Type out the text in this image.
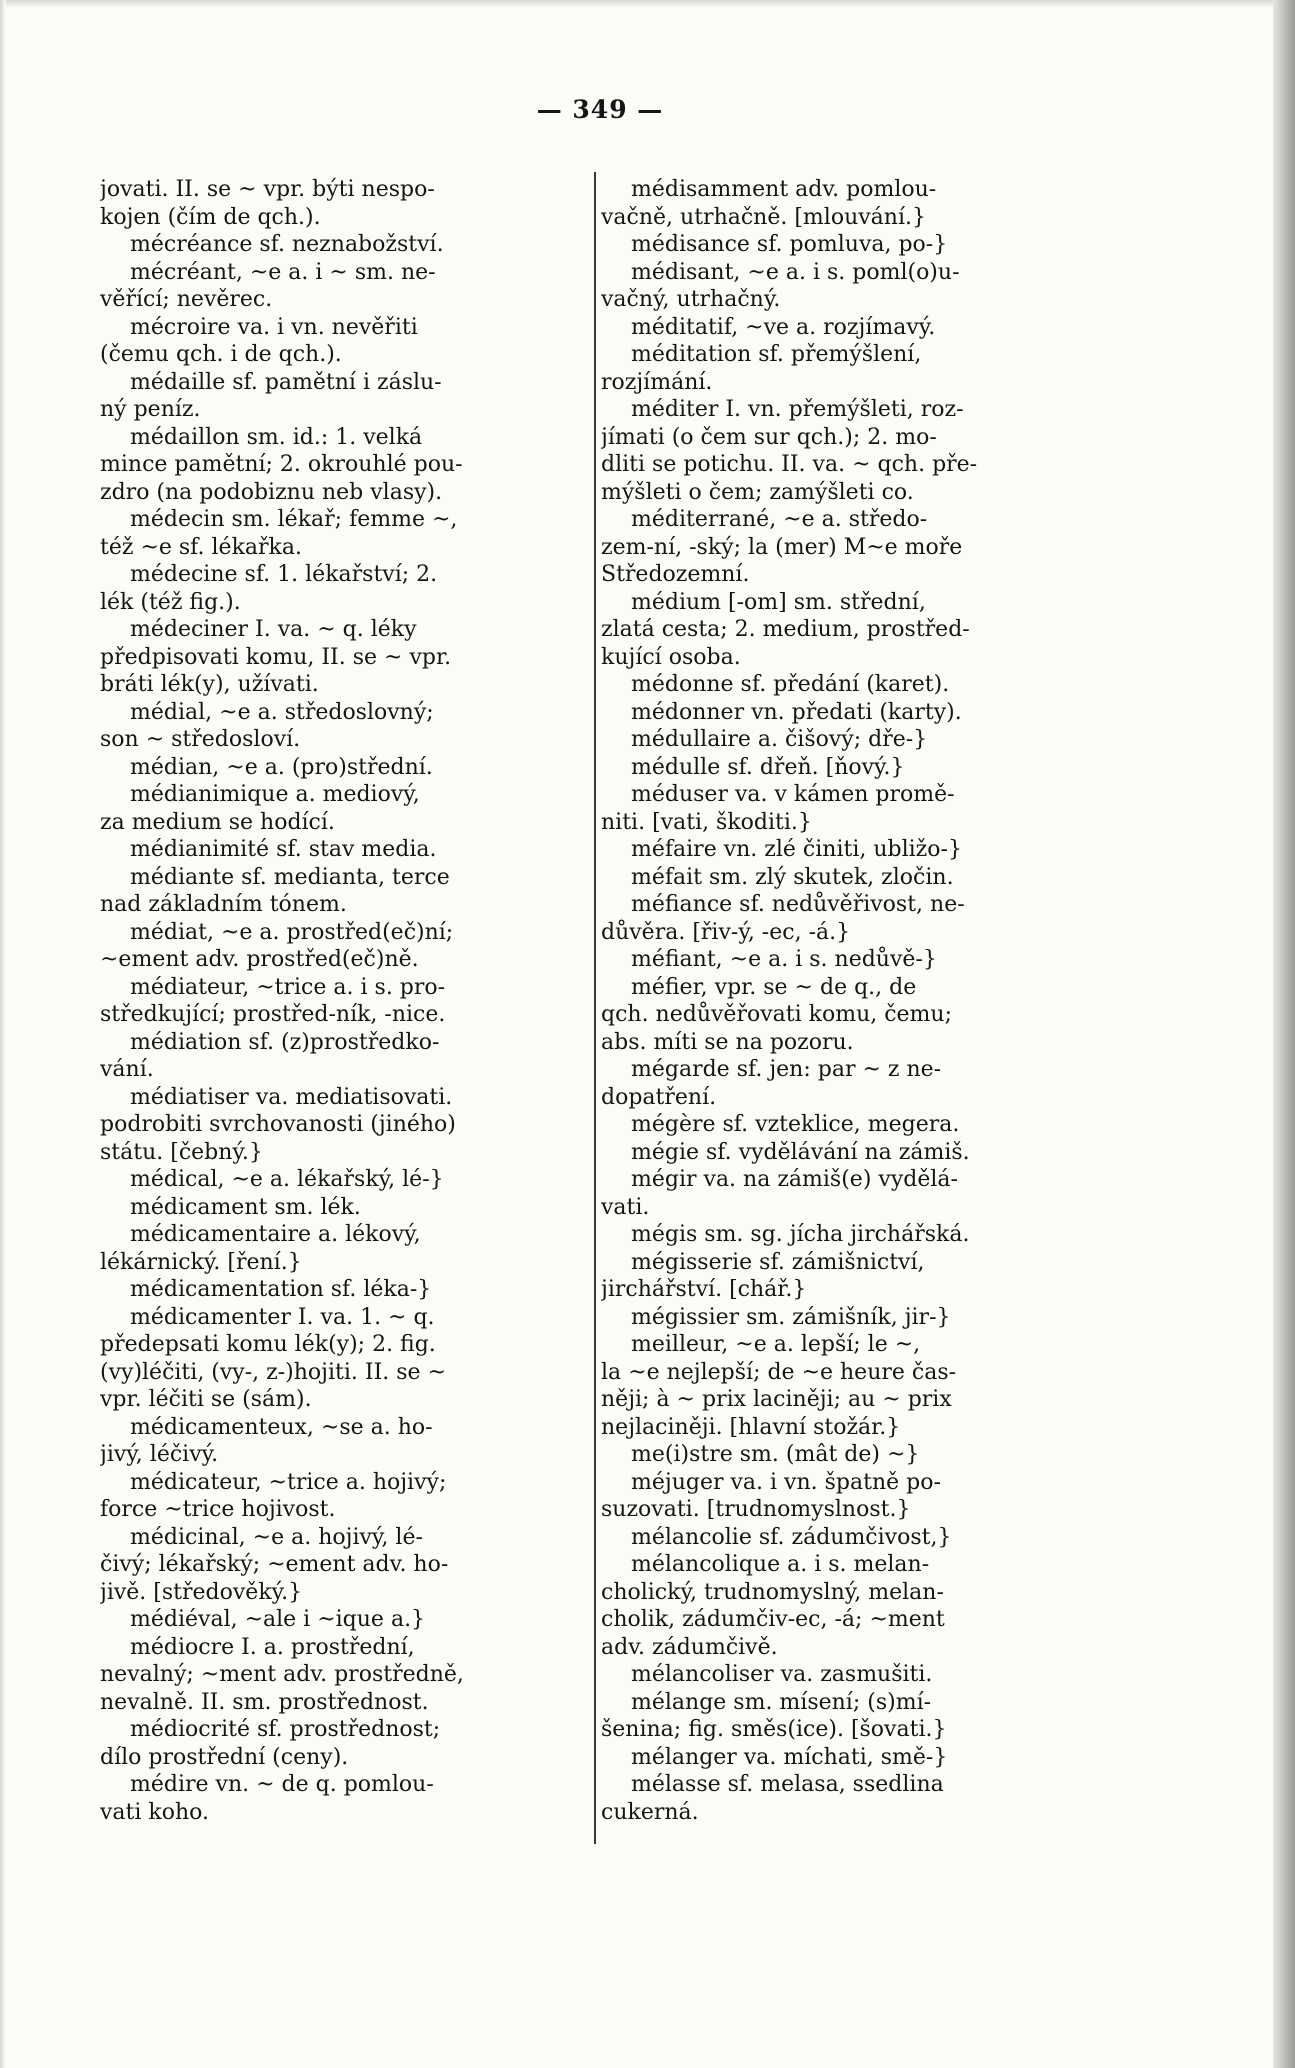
— 349 —
jovati. II. se ~ vpr. býti nespo-
kojen (čím de qch.).
mécréance sf. neznabožství.
mécréant, ~e a. i ~ sm. ne-
věřící; nevěrec.
mécroire va. i vn. nevěřiti
(čemu qch. i de qch.).
médaille sf. pamětní i záslu-
ný peníz.
médaillon sm. id.: 1. velká
mince pamětní; 2. okrouhlé pou-
zdro (na podobiznu neb vlasy).
médecin sm. lékař; femme ~,
též ~e sf. lékařka.
médecine sf. 1. lékařství; 2.
lék (též fig.).
médeciner I. va. ~ q. léky
předpisovati komu, II. se ~ vpr.
bráti lék(y), užívati.
médial, ~e a. středoslovný;
son ~ středosloví.
médian, ~e a. (pro)střední.
médianimique a. mediový,
za medium se hodící.
médianimité sf. stav media.
médiante sf. medianta, terce
nad základním tónem.
médiat, ~e a. prostřed(eč)ní;
~ement adv. prostřed(eč)ně.
médiateur, ~trice a. i s. pro-
středkující; prostřed-ník, -nice.
médiation sf. (z)prostředko-
vání.
médiatiser va. mediatisovati.
podrobiti svrchovanosti (jiného)
státu. [čebný.}
médical, ~e a. lékařský, lé-}
médicament sm. lék.
médicamentaire a. lékový,
lékárnický. [ření.}
médicamentation sf. léka-}
médicamenter I. va. 1. ~ q.
předepsati komu lék(y); 2. fig.
(vy)léčiti, (vy-, z-)hojiti. II. se ~
vpr. léčiti se (sám).
médicamenteux, ~se a. ho-
jivý, léčivý.
médicateur, ~trice a. hojivý;
force ~trice hojivost.
médicinal, ~e a. hojivý, lé-
čivý; lékařský; ~ement adv. ho-
jivě. [středověký.}
médiéval, ~ale i ~ique a.}
médiocre I. a. prostřední,
nevalný; ~ment adv. prostředně,
nevalně. II. sm. prostřednost.
médiocrité sf. prostřednost;
dílo prostřední (ceny).
médire vn. ~ de q. pomlou-
vati koho.
médisamment adv. pomlou-
vačně, utrhačně. [mlouvání.}
médisance sf. pomluva, po-}
médisant, ~e a. i s. poml(o)u-
vačný, utrhačný.
méditatif, ~ve a. rozjímavý.
méditation sf. přemýšlení,
rozjímání.
méditer I. vn. přemýšleti, roz-
jímati (o čem sur qch.); 2. mo-
dliti se potichu. II. va. ~ qch. pře-
mýšleti o čem; zamýšleti co.
méditerrané, ~e a. středo-
zem-ní, -ský; la (mer) M~e moře
Středozemní.
médium [-om] sm. střední,
zlatá cesta; 2. medium, prostřed-
kující osoba.
médonne sf. předání (karet).
médonner vn. předati (karty).
médullaire a. čišový; dře-}
médulle sf. dřeň. [ňový.}
méduser va. v kámen promě-
niti. [vati, škoditi.}
méfaire vn. zlé činiti, ubližo-}
méfait sm. zlý skutek, zločin.
méfiance sf. nedůvěřivost, ne-
důvěra. [řiv-ý, -ec, -á.}
méfiant, ~e a. i s. nedůvě-}
méfier, vpr. se ~ de q., de
qch. nedůvěřovati komu, čemu;
abs. míti se na pozoru.
mégarde sf. jen: par ~ z ne-
dopatření.
mégère sf. vzteklice, megera.
mégie sf. vydělávání na zámiš.
mégir va. na zámiš(e) vydělá-
vati.
mégis sm. sg. jícha jirchářská.
mégisserie sf. zámišnictví,
jirchářství. [chář.}
mégissier sm. zámišník, jir-}
meilleur, ~e a. lepší; le ~,
la ~e nejlepší; de ~e heure čas-
něji; à ~ prix laciněji; au ~ prix
nejlaciněji. [hlavní stožár.}
me(i)stre sm. (mât de) ~}
méjuger va. i vn. špatně po-
suzovati. [trudnomyslnost.}
mélancolie sf. zádumčivost,}
mélancolique a. i s. melan-
cholický, trudnomyslný, melan-
cholik, zádumčiv-ec, -á; ~ment
adv. zádumčivě.
mélancoliser va. zasmušiti.
mélange sm. mísení; (s)mí-
šenina; fig. směs(ice). [šovati.}
mélanger va. míchati, smě-}
mélasse sf. melasa, ssedlina
cukerná.
